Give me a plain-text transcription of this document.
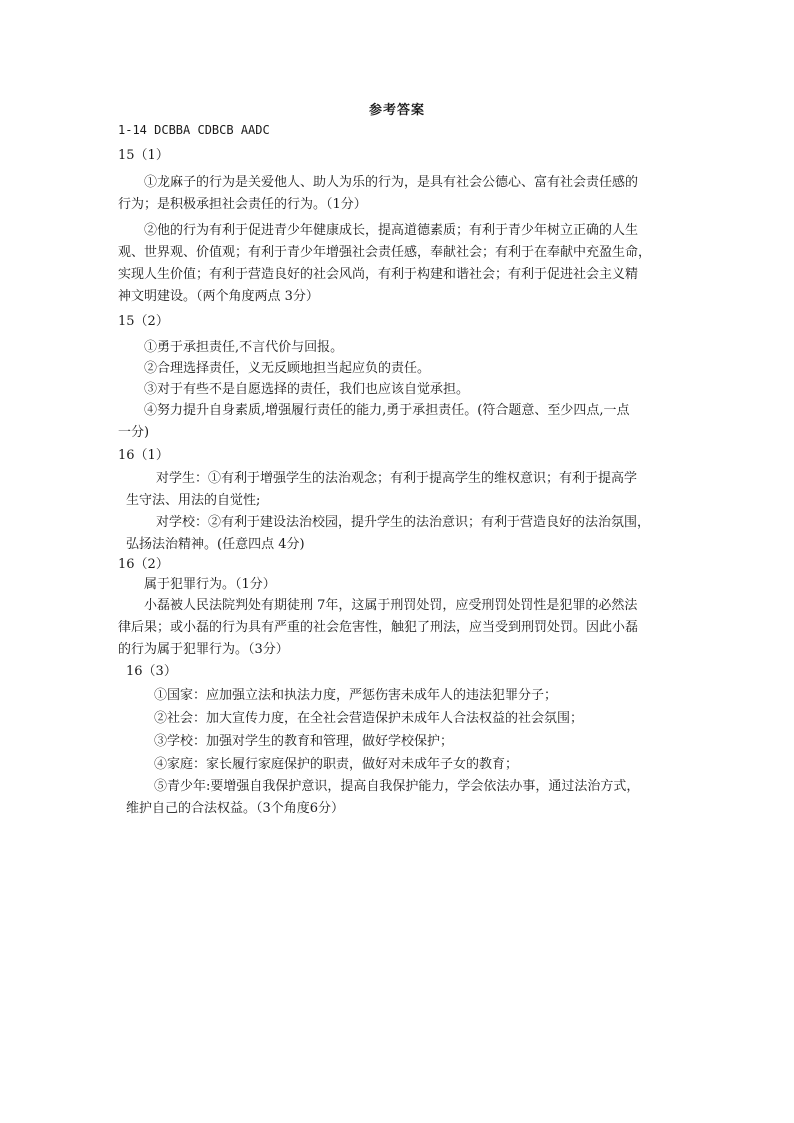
参考答案
1-14 DCBBA CDBCB AADC
15（1）
①龙麻子的行为是关爱他人、助人为乐的行为，是具有社会公德心、富有社会责任感的
行为；是积极承担社会责任的行为。（1分）
②他的行为有利于促进青少年健康成长，提高道德素质；有利于青少年树立正确的人生
观、世界观、价值观；有利于青少年增强社会责任感，奉献社会；有利于在奉献中充盈生命，
实现人生价值；有利于营造良好的社会风尚，有利于构建和谐社会；有利于促进社会主义精
神文明建设。（两个角度两点 3分）
15（2）
①勇于承担责任,不言代价与回报。
②合理选择责任，义无反顾地担当起应负的责任。
③对于有些不是自愿选择的责任，我们也应该自觉承担。
④努力提升自身素质,增强履行责任的能力,勇于承担责任。(符合题意、至少四点,一点
一分)
16（1）
对学生：①有利于增强学生的法治观念；有利于提高学生的维权意识；有利于提高学
生守法、用法的自觉性;
对学校：②有利于建设法治校园，提升学生的法治意识；有利于营造良好的法治氛围，
弘扬法治精神。(任意四点 4分)
16（2）
属于犯罪行为。（1分）
小磊被人民法院判处有期徒刑 7年，这属于刑罚处罚，应受刑罚处罚性是犯罪的必然法
律后果；或小磊的行为具有严重的社会危害性，触犯了刑法，应当受到刑罚处罚。因此小磊
的行为属于犯罪行为。（3分）
16（3）
①国家：应加强立法和执法力度，严惩伤害未成年人的违法犯罪分子；
②社会：加大宣传力度，在全社会营造保护未成年人合法权益的社会氛围；
③学校：加强对学生的教育和管理，做好学校保护；
④家庭：家长履行家庭保护的职责，做好对未成年子女的教育；
⑤青少年:要增强自我保护意识，提高自我保护能力，学会依法办事，通过法治方式，
维护自己的合法权益。（3个角度6分）
